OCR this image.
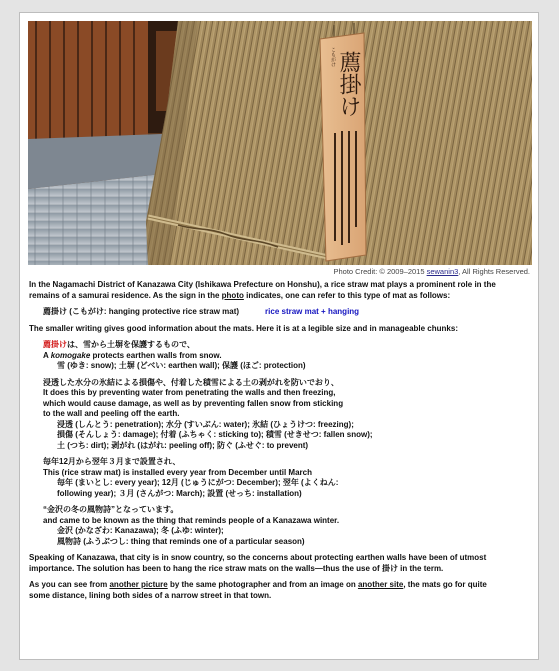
こもがけ 薦掛け
Photo Credit: © 2009–2015 sewanin3, All Rights Reserved.

In the Nagamachi District of Kanazawa City (Ishikawa Prefecture on Honshu), a rice straw mat plays a prominent role in the

remains of a samurai residence. As the sign in the photo indicates, one can refer to this type of mat as follows:

薦掛け (こもがけ: hanging protective rice straw mat)	rice straw mat + hanging

The smaller writing gives good information about the mats. Here it is at a legible size and in manageable chunks:

薦掛けは、雪から土塀を保護するもので、

A komogake protects earthen walls from snow.

雪 (ゆき: snow); 土塀 (どべい: earthen wall); 保護 (ほご: protection)

浸透した水分の氷結による損傷や、付着した積雪による土の剥がれを防いでおり、

It does this by preventing water from penetrating the walls and then freezing,

which would cause damage, as well as by preventing fallen snow from sticking

to the wall and peeling off the earth.

浸透 (しんとう: penetration); 水分 (すいぶん: water); 氷結 (ひょうけつ: freezing);

損傷 (そんしょう: damage); 付着 (ふちゃく: sticking to); 積雪 (せきせつ: fallen snow);

土 (つち: dirt); 剥がれ (はがれ: peeling off); 防ぐ (ふせぐ: to prevent)

毎年12月から翌年３月まで設置され、

This (rice straw mat) is installed every year from December until March

毎年 (まいとし: every year); 12月 (じゅうにがつ: December); 翌年 (よくねん:

following year); ３月 (さんがつ: March); 設置 (せっち: installation)

“金沢の冬の風物詩”となっています。

and came to be known as the thing that reminds people of a Kanazawa winter.

金沢 (かなざわ: Kanazawa); 冬 (ふゆ: winter);

風物詩 (ふうぶつし: thing that reminds one of a particular season)

Speaking of Kanazawa, that city is in snow country, so the concerns about protecting earthen walls have been of utmost

importance. The solution has been to hang the rice straw mats on the walls—thus the use of 掛け in the term.

As you can see from another picture by the same photographer and from an image on another site, the mats go for quite

some distance, lining both sides of a narrow street in that town.
